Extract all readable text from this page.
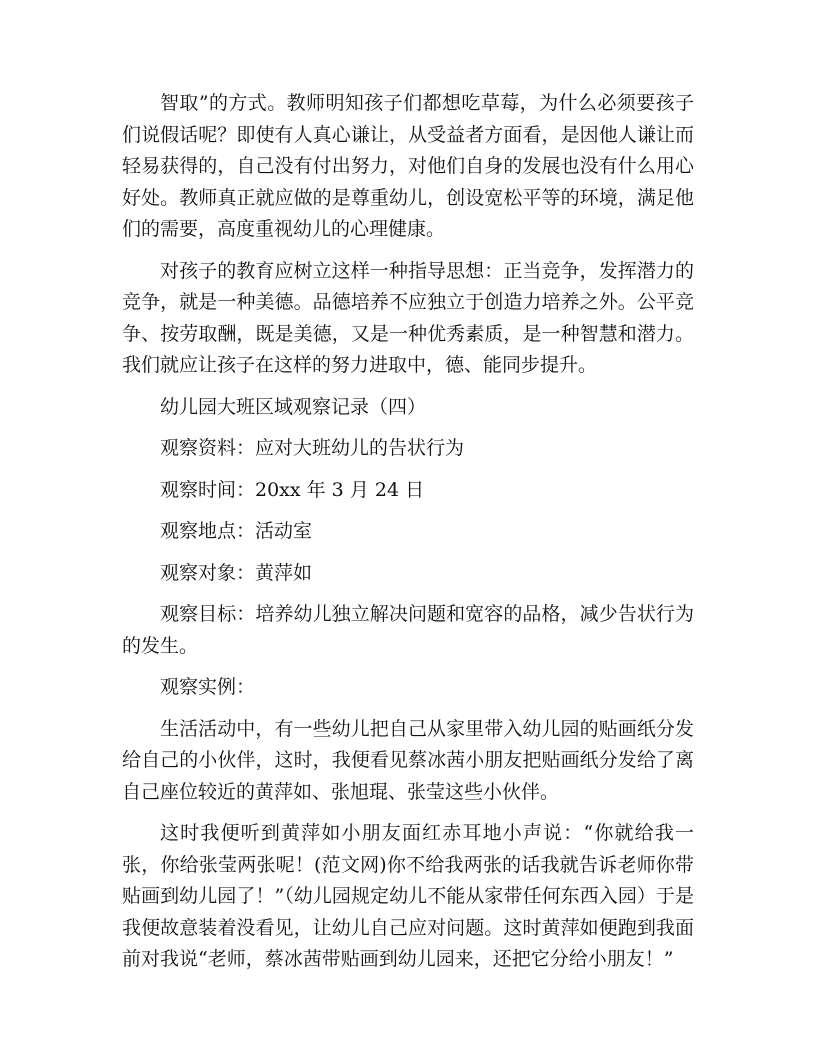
智取”的方式。教师明知孩子们都想吃草莓，为什么必须要孩子们说假话呢？即使有人真心谦让，从受益者方面看，是因他人谦让而轻易获得的，自己没有付出努力，对他们自身的发展也没有什么用心好处。教师真正就应做的是尊重幼儿，创设宽松平等的环境，满足他们的需要，高度重视幼儿的心理健康。

对孩子的教育应树立这样一种指导思想：正当竞争，发挥潜力的竞争，就是一种美德。品德培养不应独立于创造力培养之外。公平竞争、按劳取酬，既是美德，又是一种优秀素质，是一种智慧和潜力。我们就应让孩子在这样的努力进取中，德、能同步提升。

幼儿园大班区域观察记录（四）

观察资料：应对大班幼儿的告状行为

观察时间：20xx 年 3 月 24 日

观察地点：活动室

观察对象：黄萍如

观察目标：培养幼儿独立解决问题和宽容的品格，减少告状行为的发生。

观察实例：

生活活动中，有一些幼儿把自己从家里带入幼儿园的贴画纸分发给自己的小伙伴，这时，我便看见蔡冰茜小朋友把贴画纸分发给了离自己座位较近的黄萍如、张旭琨、张莹这些小伙伴。

这时我便听到黄萍如小朋友面红赤耳地小声说：“你就给我一张，你给张莹两张呢！(范文网)你不给我两张的话我就告诉老师你带贴画到幼儿园了！”（幼儿园规定幼儿不能从家带任何东西入园）于是我便故意装着没看见，让幼儿自己应对问题。这时黄萍如便跑到我面前对我说“老师，蔡冰茜带贴画到幼儿园来，还把它分给小朋友！”
